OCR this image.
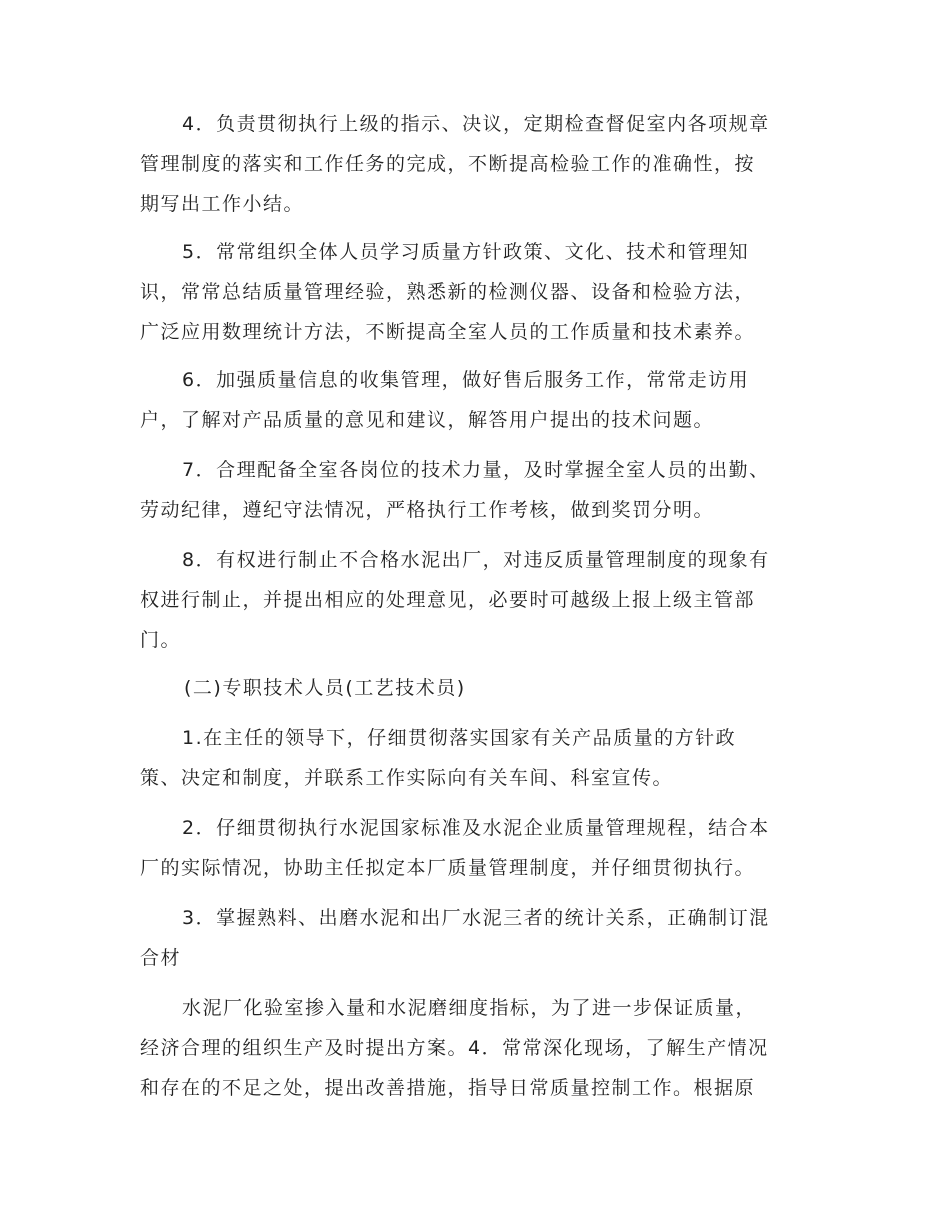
4．负责贯彻执行上级的指示、决议，定期检查督促室内各项规章
管理制度的落实和工作任务的完成，不断提高检验工作的准确性，按
期写出工作小结。

5．常常组织全体人员学习质量方针政策、文化、技术和管理知
识，常常总结质量管理经验，熟悉新的检测仪器、设备和检验方法，
广泛应用数理统计方法，不断提高全室人员的工作质量和技术素养。

6．加强质量信息的收集管理，做好售后服务工作，常常走访用
户，了解对产品质量的意见和建议，解答用户提出的技术问题。

7．合理配备全室各岗位的技术力量，及时掌握全室人员的出勤、
劳动纪律，遵纪守法情况，严格执行工作考核，做到奖罚分明。

8．有权进行制止不合格水泥出厂，对违反质量管理制度的现象有
权进行制止，并提出相应的处理意见，必要时可越级上报上级主管部
门。

(二)专职技术人员(工艺技术员)

1.在主任的领导下，仔细贯彻落实国家有关产品质量的方针政
策、决定和制度，并联系工作实际向有关车间、科室宣传。

2．仔细贯彻执行水泥国家标准及水泥企业质量管理规程，结合本
厂的实际情况，协助主任拟定本厂质量管理制度，并仔细贯彻执行。

3．掌握熟料、出磨水泥和出厂水泥三者的统计关系，正确制订混
合材

水泥厂化验室掺入量和水泥磨细度指标，为了进一步保证质量，
经济合理的组织生产及时提出方案。4．常常深化现场，了解生产情况
和存在的不足之处，提出改善措施，指导日常质量控制工作。根据原
